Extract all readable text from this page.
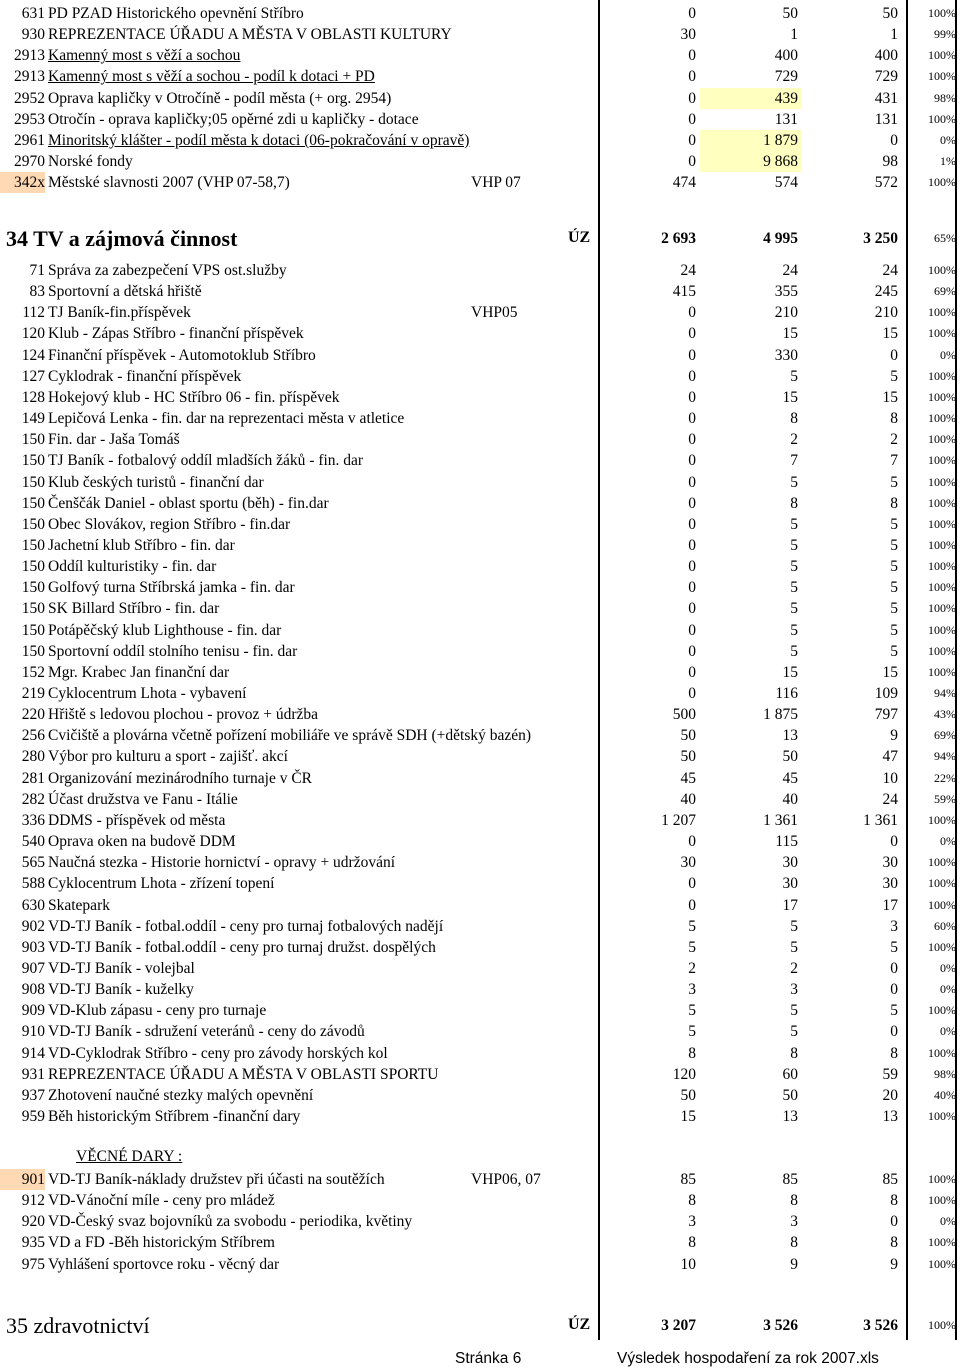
631 PD PZAD Historického opevnění Stříbro	0	50	50	100%
930 REPREZENTACE ÚŘADU A MĚSTA V OBLASTI KULTURY	30	1	1	99%
2913 Kamenný most s věží a sochou	0	400	400	100%
2913 Kamenný most s věží a sochou - podíl k dotaci + PD	0	729	729	100%
2952 Oprava kapličky v Otročíně - podíl města (+ org. 2954)	0	439	431	98%
2953 Otročín - oprava kapličky;05 opěrné zdi u kapličky - dotace	0	131	131	100%
2961 Minoritský klášter - podíl města k dotaci (06-pokračování v opravě)	0	1 879	0	0%
2970 Norské fondy	0	9 868	98	1%
342x Městské slavnosti 2007 (VHP 07-58,7)	VHP 07	474	574	572	100%
34 TV a zájmová činnost	ÚZ	2 693	4 995	3 250	65%
71 Správa za zabezpečení VPS ost.služby	24	24	24	100%
83 Sportovní a dětská hřiště	415	355	245	69%
112 TJ Baník-fin.příspěvek	VHP05	0	210	210	100%
120 Klub - Zápas Stříbro - finanční příspěvek	0	15	15	100%
124 Finanční příspěvek - Automotoklub Stříbro	0	330	0	0%
127 Cyklodrak - finanční příspěvek	0	5	5	100%
128 Hokejový klub - HC Stříbro 06 - fin. příspěvek	0	15	15	100%
149 Lepičová Lenka - fin. dar na reprezentaci města v atletice	0	8	8	100%
150 Fin. dar - Jaša Tomáš	0	2	2	100%
150 TJ Baník - fotbalový oddíl mladších žáků - fin. dar	0	7	7	100%
150 Klub českých turistů - finanční dar	0	5	5	100%
150 Čenščák Daniel - oblast sportu (běh) - fin.dar	0	8	8	100%
150 Obec Slovákov, region Stříbro - fin.dar	0	5	5	100%
150 Jachetní klub Stříbro - fin. dar	0	5	5	100%
150 Oddíl kulturistiky - fin. dar	0	5	5	100%
150 Golfový turna Stříbrská jamka - fin. dar	0	5	5	100%
150 SK Billard Stříbro - fin. dar	0	5	5	100%
150 Potápěčský klub Lighthouse - fin. dar	0	5	5	100%
150 Sportovní oddíl stolního tenisu - fin. dar	0	5	5	100%
152 Mgr. Krabec Jan finanční dar	0	15	15	100%
219 Cyklocentrum Lhota - vybavení	0	116	109	94%
220 Hřiště s ledovou plochou - provoz + údržba	500	1 875	797	43%
256 Cvičiště a plovárna včetně pořízení mobiliáře ve správě SDH (+dětský bazén)	50	13	9	69%
280 Výbor pro kulturu a sport - zajišť. akcí	50	50	47	94%
281 Organizování mezinárodního turnaje v ČR	45	45	10	22%
282 Účast družstva ve Fanu - Itálie	40	40	24	59%
336 DDMS - příspěvek od města	1 207	1 361	1 361	100%
540 Oprava oken na budově DDM	0	115	0	0%
565 Naučná stezka - Historie hornictví - opravy + udržování	30	30	30	100%
588 Cyklocentrum Lhota - zřízení topení	0	30	30	100%
630 Skatepark	0	17	17	100%
902 VD-TJ Baník - fotbal.oddíl - ceny pro turnaj fotbalových nadějí	5	5	3	60%
903 VD-TJ Baník - fotbal.oddíl - ceny pro turnaj družst. dospělých	5	5	5	100%
907 VD-TJ Baník - volejbal	2	2	0	0%
908 VD-TJ Baník - kuželky	3	3	0	0%
909 VD-Klub zápasu - ceny pro turnaje	5	5	5	100%
910 VD-TJ Baník - sdružení veteránů - ceny do závodů	5	5	0	0%
914 VD-Cyklodrak Stříbro - ceny pro závody horských kol	8	8	8	100%
931 REPREZENTACE ÚŘADU A MĚSTA V OBLASTI SPORTU	120	60	59	98%
937 Zhotovení naučné stezky malých opevnění	50	50	20	40%
959 Běh historickým Stříbrem -finanční dary	15	13	13	100%
VĚCNÉ DARY :
901 VD-TJ Baník-náklady družstev při účasti na soutěžích	VHP06, 07	85	85	85	100%
912 VD-Vánoční míle - ceny pro mládež	8	8	8	100%
920 VD-Český svaz bojovníků za svobodu - periodika, květiny	3	3	0	0%
935 VD a FD -Běh historickým Stříbrem	8	8	8	100%
975 Vyhlášení sportovce roku - věcný dar	10	9	9	100%
35 zdravotnictví	ÚZ	3 207	3 526	3 526	100%
Stránka 6	Výsledek hospodaření za rok 2007.xls
